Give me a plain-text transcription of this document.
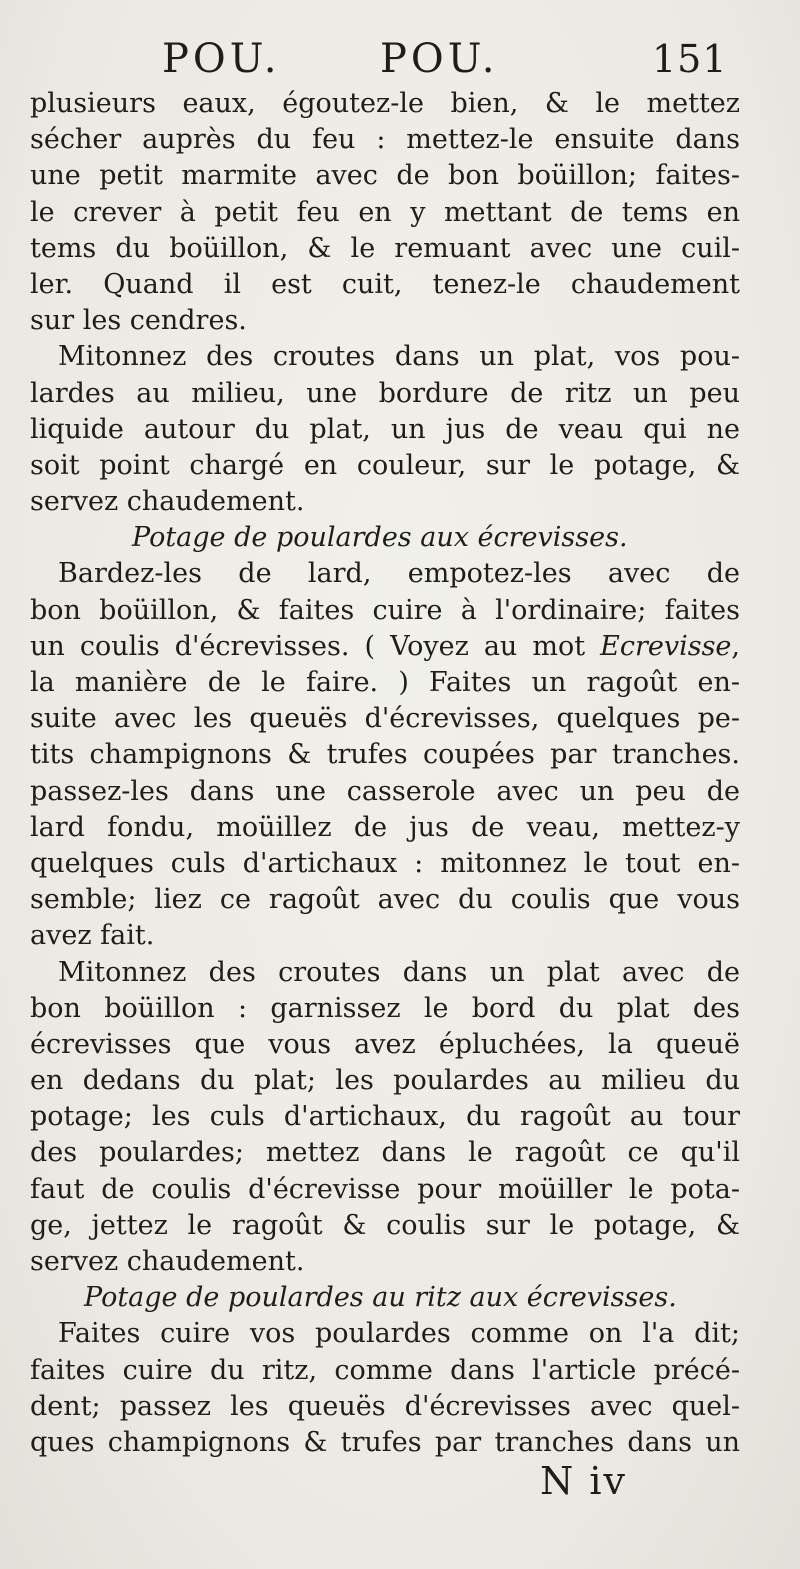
POU. POU.	151
plusieurs eaux, égoutez-le bien, & le mettez
sécher auprès du feu : mettez-le ensuite dans
une petit marmite avec de bon boüillon; faites-
le crever à petit feu en y mettant de tems en
tems du boüillon, & le remuant avec une cuil-
ler. Quand il est cuit, tenez-le chaudement
sur les cendres.
Mitonnez des croutes dans un plat, vos pou-
lardes au milieu, une bordure de ritz un peu
liquide autour du plat, un jus de veau qui ne
soit point chargé en couleur, sur le potage, &
servez chaudement.
Potage de poulardes aux écrevisses.
Bardez-les de lard, empotez-les avec de
bon boüillon, & faites cuire à l'ordinaire; faites
un coulis d'écrevisses. ( Voyez au mot Ecrevisse,
la manière de le faire. ) Faites un ragoût en-
suite avec les queuës d'écrevisses, quelques pe-
tits champignons & trufes coupées par tranches.
passez-les dans une casserole avec un peu de
lard fondu, moüillez de jus de veau, mettez-y
quelques culs d'artichaux : mitonnez le tout en-
semble; liez ce ragoût avec du coulis que vous
avez fait.
Mitonnez des croutes dans un plat avec de
bon boüillon : garnissez le bord du plat des
écrevisses que vous avez épluchées, la queuë
en dedans du plat; les poulardes au milieu du
potage; les culs d'artichaux, du ragoût au tour
des poulardes; mettez dans le ragoût ce qu'il
faut de coulis d'écrevisse pour moüiller le pota-
ge, jettez le ragoût & coulis sur le potage, &
servez chaudement.
Potage de poulardes au ritz aux écrevisses.
Faites cuire vos poulardes comme on l'a dit;
faites cuire du ritz, comme dans l'article précé-
dent; passez les queuës d'écrevisses avec quel-
ques champignons & trufes par tranches dans un
N iv
